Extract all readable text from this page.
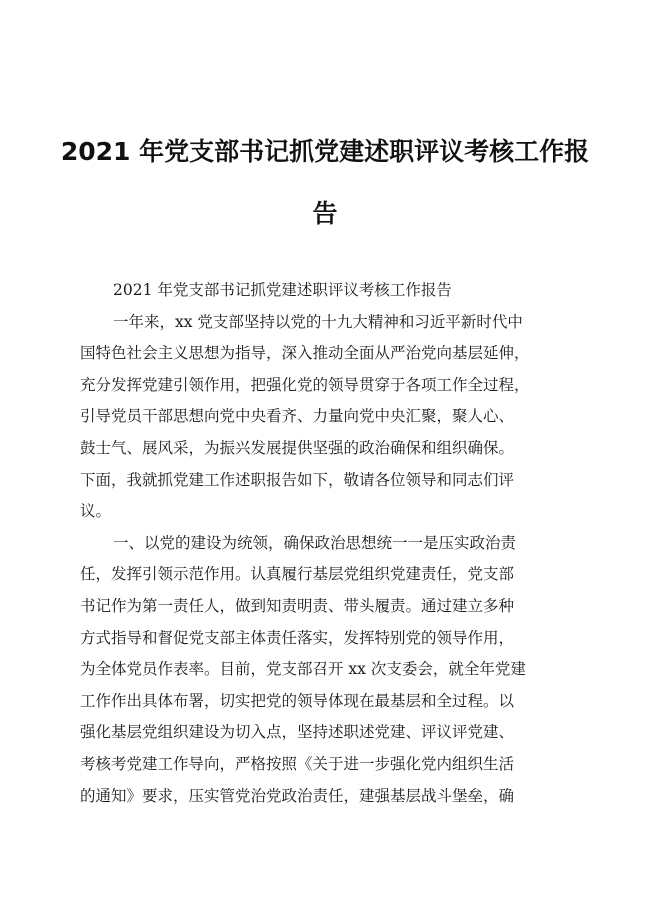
2021 年党支部书记抓党建述职评议考核工作报
告
2021 年党支部书记抓党建述职评议考核工作报告
一年来，xx 党支部坚持以党的十九大精神和习近平新时代中
国特色社会主义思想为指导，深入推动全面从严治党向基层延伸，
充分发挥党建引领作用，把强化党的领导贯穿于各项工作全过程，
引导党员干部思想向党中央看齐、力量向党中央汇聚，聚人心、
鼓士气、展风采，为振兴发展提供坚强的政治确保和组织确保。
下面，我就抓党建工作述职报告如下，敬请各位领导和同志们评
议。
一、以党的建设为统领，确保政治思想统一一是压实政治责
任，发挥引领示范作用。认真履行基层党组织党建责任，党支部
书记作为第一责任人，做到知责明责、带头履责。通过建立多种
方式指导和督促党支部主体责任落实，发挥特别党的领导作用，
为全体党员作表率。目前，党支部召开 xx 次支委会，就全年党建
工作作出具体布署，切实把党的领导体现在最基层和全过程。以
强化基层党组织建设为切入点，坚持述职述党建、评议评党建、
考核考党建工作导向，严格按照《关于进一步强化党内组织生活
的通知》要求，压实管党治党政治责任，建强基层战斗堡垒，确
